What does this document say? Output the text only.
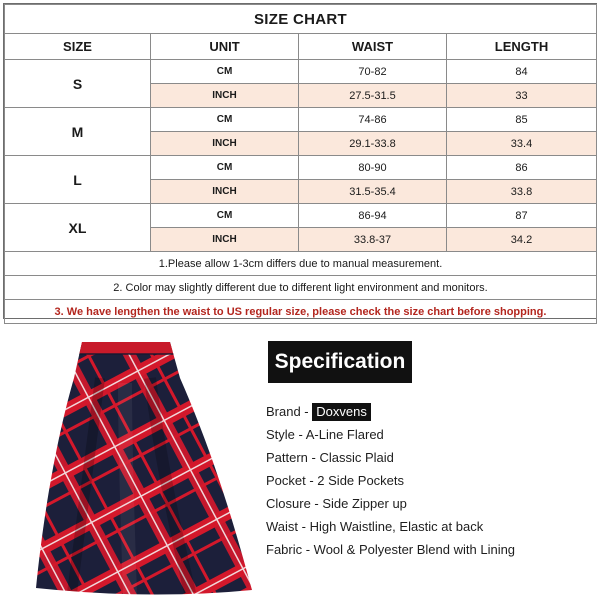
SIZE CHART			
SIZE	UNIT	WAIST	LENGTH
S	CM	70-82	84
	INCH	27.5-31.5	33
M	CM	74-86	85
	INCH	29.1-33.8	33.4
L	CM	80-90	86
	INCH	31.5-35.4	33.8
XL	CM	86-94	87
	INCH	33.8-37	34.2
1.Please allow 1-3cm differs due to manual measurement.			
2. Color may slightly different due to different light environment and monitors.			
3. We have lengthen the waist to US regular size, please check the size chart before shopping.			
Specification
Brand - Doxvens
Style - A-Line Flared
Pattern - Classic Plaid
Pocket - 2 Side Pockets
Closure - Side Zipper up
Waist - High Waistline, Elastic at back
Fabric - Wool & Polyester Blend with Lining
